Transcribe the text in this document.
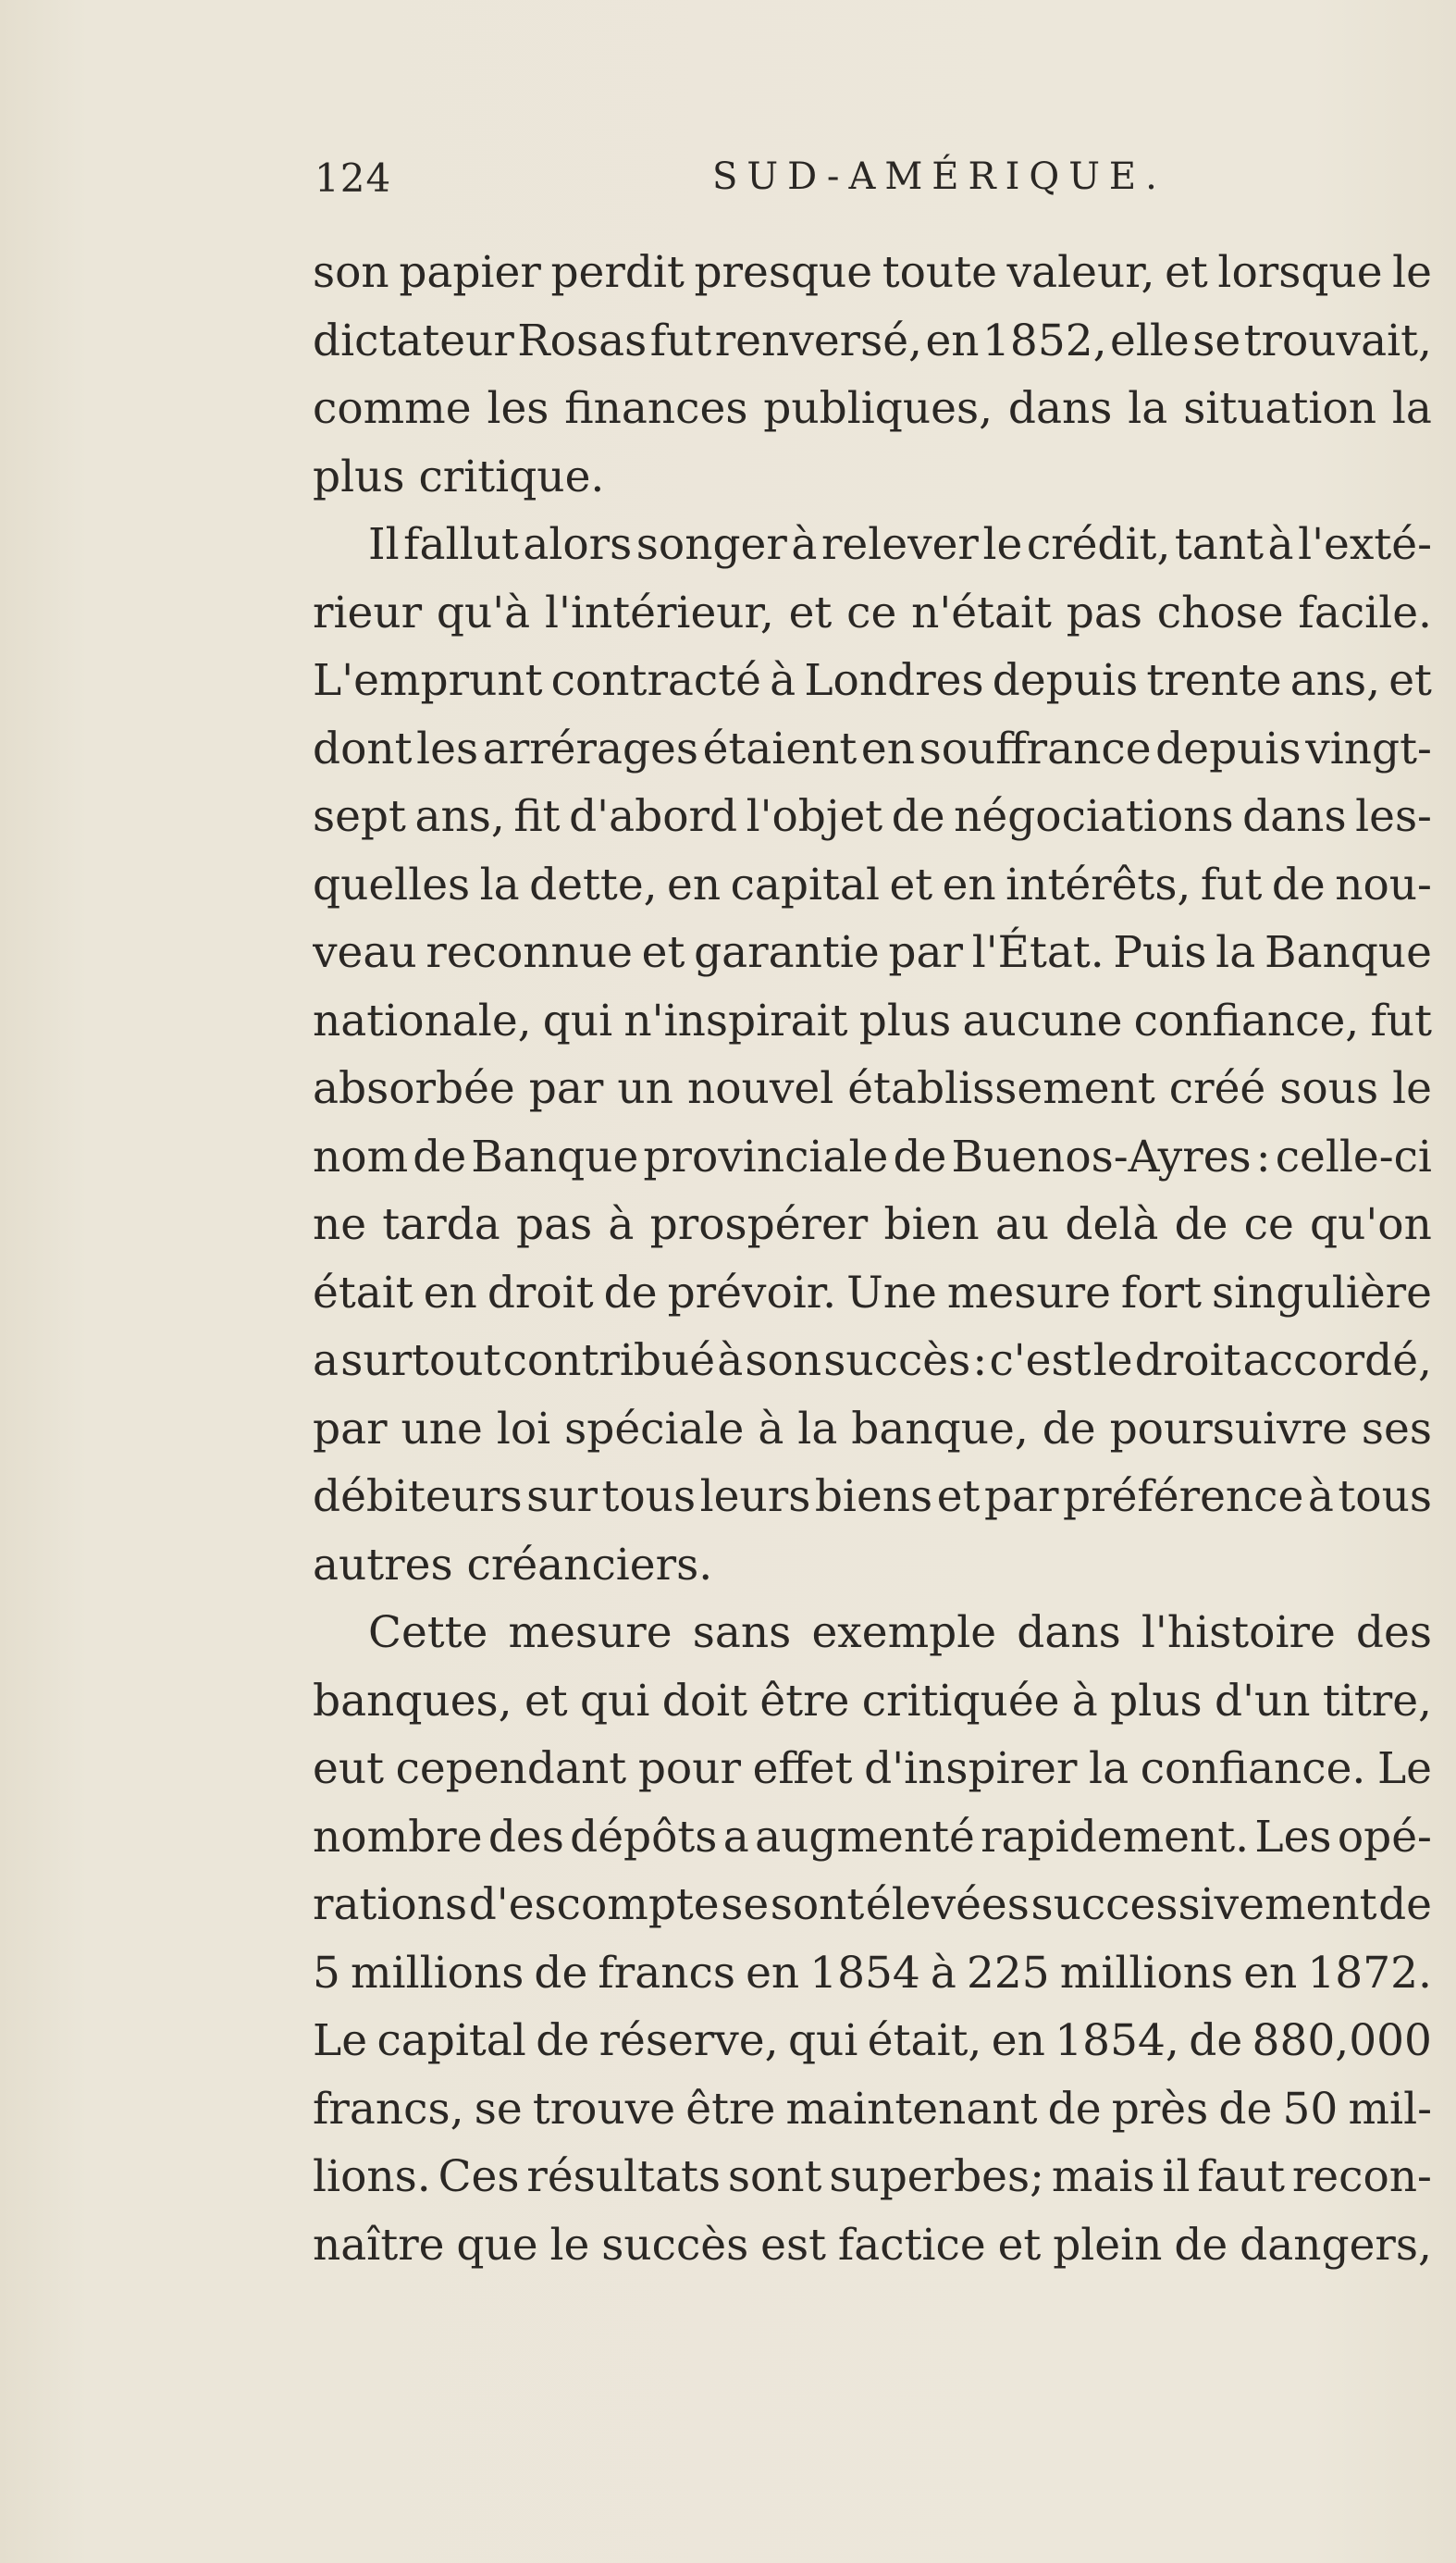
124	SUD-AMÉRIQUE.
son papier perdit presque toute valeur, et lorsque le
dictateur Rosas fut renversé, en 1852, elle se trouvait,
comme les finances publiques, dans la situation la
plus
critique.

Il fallut alors songer à relever le crédit, tant à l'exté-
rieur qu'à l'intérieur, et ce n'était pas chose facile.
L'emprunt contracté à Londres depuis trente ans, et
dont les arrérages étaient en souffrance depuis vingt-
sept ans, fit d'abord l'objet de négociations dans les-
quelles la dette, en capital et en intérêts, fut de nou-
veau reconnue et garantie par l'État. Puis la Banque
nationale, qui n'inspirait plus aucune confiance, fut
absorbée par un nouvel établissement créé sous le
nom de Banque provinciale de Buenos-Ayres : celle-ci
ne tarda pas à prospérer bien au delà de ce qu'on
était en droit de prévoir. Une mesure fort singulière
a surtout contribué à son succès : c'est le droit accordé,
par une loi spéciale à la banque, de poursuivre ses
débiteurs sur tous leurs biens et par préférence à tous
autres
créanciers.

Cette mesure sans exemple dans l'histoire des
banques, et qui doit être critiquée à plus d'un titre,
eut cependant pour effet d'inspirer la confiance. Le
nombre des dépôts a augmenté rapidement. Les opé-
rations d'escompte se sont élevées successivement de
5 millions de francs en 1854 à 225 millions en 1872.
Le capital de réserve, qui était, en 1854, de 880,000
francs, se trouve être maintenant de près de 50 mil-
lions. Ces résultats sont superbes; mais il faut recon-
naître que le succès est factice et plein de dangers,
